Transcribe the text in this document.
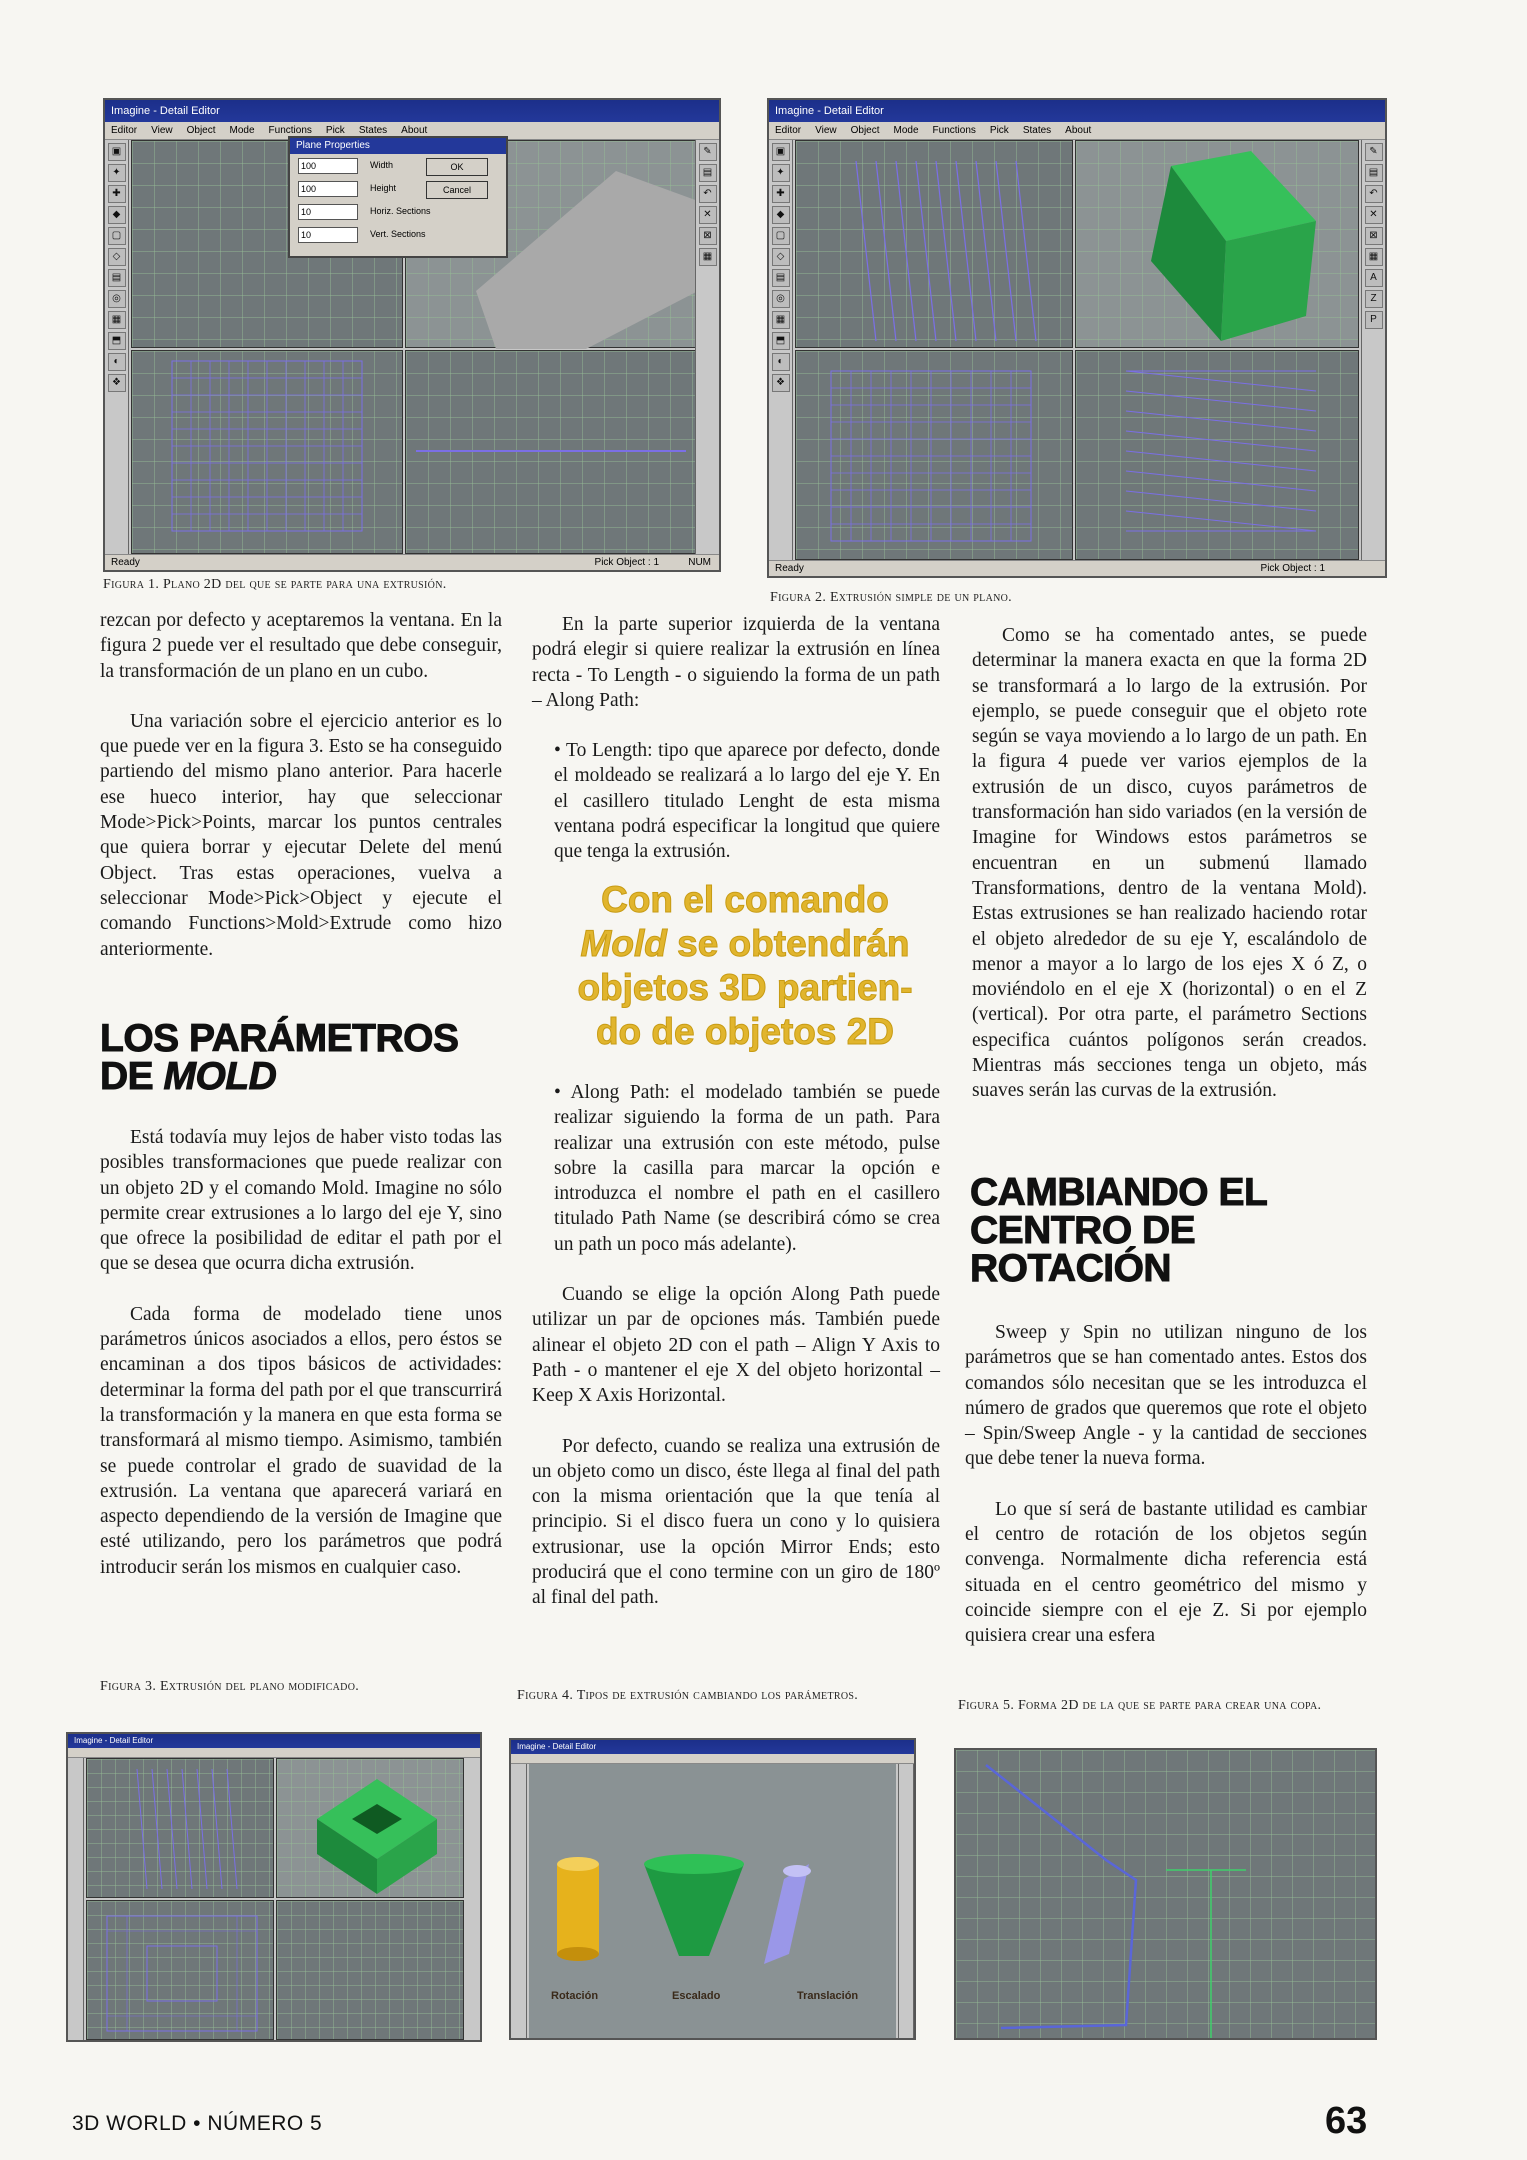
Imagine - Detail Editor
Editor View Object Mode Functions Pick States About
▣
✦
✚
◆
▢
◇
▤
◎
▦
⬒
◐
❖
✎
▤
↶
✕
⊠
▦
Plane Properties
100
Width	OK
100
Height	Cancel
10
Horiz. Sections
10
Vert. Sections
Ready	Pick Object : 1	NUM
Figura 1. Plano 2D del que se parte para una extrusión.
Imagine - Detail Editor
Editor View Object Mode Functions Pick States About
▣
✦
✚
◆
▢
◇
▤
◎
▦
⬒
◐
❖
✎
▤
↶
✕
⊠
▦
A
Z
P
Ready	Pick Object : 1
Figura 2. Extrusión simple de un plano.

rezcan por defecto y aceptaremos la ventana. En la figura 2 puede ver el resultado que debe conseguir, la transformación de un plano en un cubo.

Una variación sobre el ejercicio anterior es lo que puede ver en la figura 3. Esto se ha conseguido partiendo del mismo plano anterior. Para hacerle ese hueco interior, hay que seleccionar Mode>Pick>Points, marcar los puntos centrales que quiera borrar y ejecutar Delete del menú Object. Tras estas operaciones, vuelva a seleccionar Mode>Pick>Object y ejecute el comando Functions>Mold>Extrude como hizo anteriormente.

LOS PARÁMETROS
DE MOLD

Está todavía muy lejos de haber visto todas las posibles transformaciones que puede realizar con un objeto 2D y el comando Mold. Imagine no sólo permite crear extrusiones a lo largo del eje Y, sino que ofrece la posibilidad de editar el path por el que se desea que ocurra dicha extrusión.

Cada forma de modelado tiene unos parámetros únicos asociados a ellos, pero éstos se encaminan a dos tipos básicos de actividades: determinar la forma del path por el que transcurrirá la transformación y la manera en que esta forma se transformará al mismo tiempo. Asimismo, también se puede controlar el grado de suavidad de la extrusión. La ventana que aparecerá variará en aspecto dependiendo de la versión de Imagine que esté utilizando, pero los parámetros que podrá introducir serán los mismos en cualquier caso.

Figura 3. Extrusión del plano modificado.

En la parte superior izquierda de la ventana podrá elegir si quiere realizar la extrusión en línea recta - To Length - o siguiendo la forma de un path – Along Path:

• To Length: tipo que aparece por defecto, donde el moldeado se realizará a lo largo del eje Y. En el casillero titulado Lenght de esta misma ventana podrá especificar la longitud que quiere que tenga la extrusión.

Con el comando
Mold se obtendrán
objetos 3D partien-
do de objetos 2D

• Along Path: el modelado también se puede realizar siguiendo la forma de un path. Para realizar una extrusión con este método, pulse sobre la casilla para marcar la opción e introduzca el nombre el path en el casillero titulado Path Name (se describirá cómo se crea un path un poco más adelante).

Cuando se elige la opción Along Path puede utilizar un par de opciones más. También puede alinear el objeto 2D con el path – Align Y Axis to Path - o mantener el eje X del objeto horizontal – Keep X Axis Horizontal.

Por defecto, cuando se realiza una extrusión de un objeto como un disco, éste llega al final del path con la misma orientación que la que tenía al principio. Si el disco fuera un cono y lo quisiera extrusionar, use la opción Mirror Ends; esto producirá que el cono termine con un giro de 180º al final del path.

Figura 4. Tipos de extrusión cambiando los parámetros.

Como se ha comentado antes, se puede determinar la manera exacta en que la forma 2D se transformará a lo largo de la extrusión. Por ejemplo, se puede conseguir que el objeto rote según se vaya moviendo a lo largo de un path. En la figura 4 puede ver varios ejemplos de la extrusión de un disco, cuyos parámetros de transformación han sido variados (en la versión de Imagine for Windows estos parámetros se encuentran en un submenú llamado Transformations, dentro de la ventana Mold). Estas extrusiones se han realizado haciendo rotar el objeto alrededor de su eje Y, escalándolo de menor a mayor a lo largo de los ejes X ó Z, o moviéndolo en el eje X (horizontal) o en el Z (vertical). Por otra parte, el parámetro Sections especifica cuántos polígonos serán creados. Mientras más secciones tenga un objeto, más suaves serán las curvas de la extrusión.

CAMBIANDO EL
CENTRO DE
ROTACIÓN

Sweep y Spin no utilizan ninguno de los parámetros que se han comentado antes. Estos dos comandos sólo necesitan que se les introduzca el número de grados que queremos que rote el objeto – Spin/Sweep Angle - y la cantidad de secciones que debe tener la nueva forma.

Lo que sí será de bastante utilidad es cambiar el centro de rotación de los objetos según convenga. Normalmente dicha referencia está situada en el centro geométrico del mismo y coincide siempre con el eje Z. Si por ejemplo quisiera crear una esfera

Figura 5. Forma 2D de la que se parte para crear una copa.
Imagine - Detail Editor
Imagine - Detail Editor
Rotación	Escalado	Translación
3D WORLD • NÚMERO 5	63
